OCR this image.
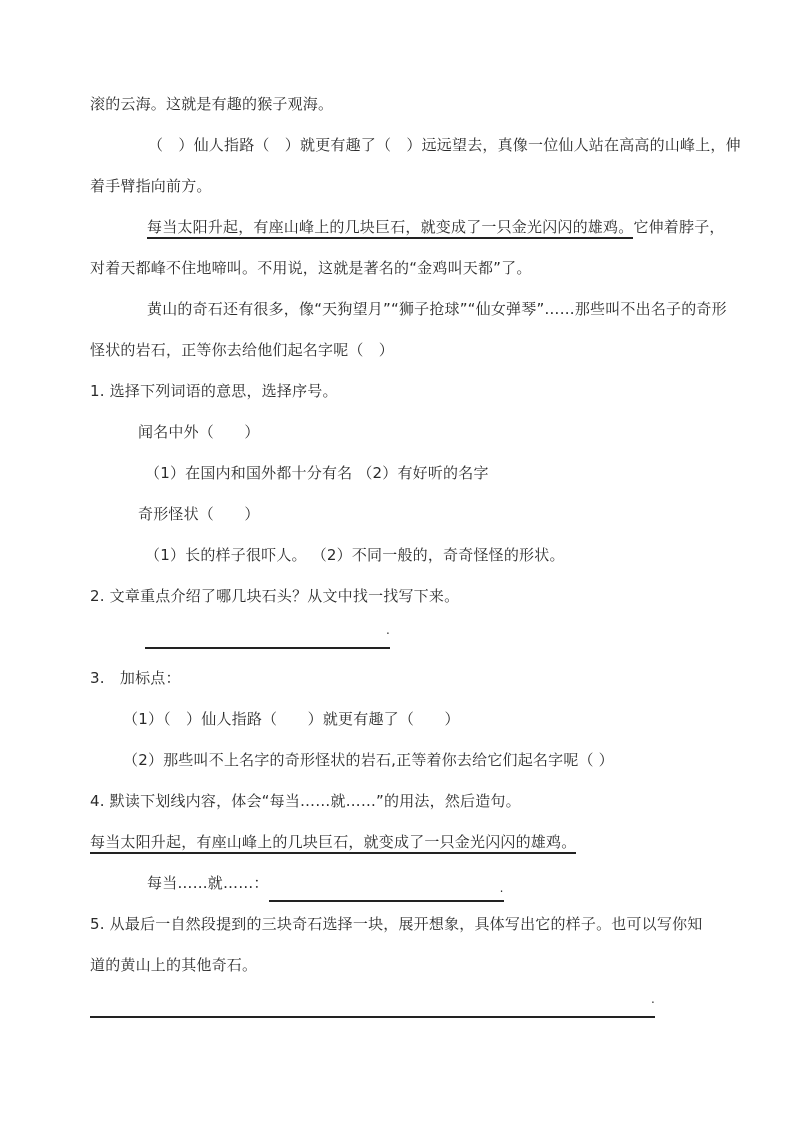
滚的云海。这就是有趣的猴子观海。
（　）仙人指路（　）就更有趣了（　）远远望去，真像一位仙人站在高高的山峰上，伸
着手臂指向前方。
每当太阳升起，有座山峰上的几块巨石，就变成了一只金光闪闪的雄鸡。它伸着脖子，
对着天都峰不住地啼叫。不用说，这就是著名的“金鸡叫天都”了。
黄山的奇石还有很多，像“天狗望月”“狮子抢球”“仙女弹琴”……那些叫不出名子的奇形
怪状的岩石，正等你去给他们起名字呢（　）
1. 选择下列词语的意思，选择序号。
闻名中外（　　）
（1）在国内和国外都十分有名 （2）有好听的名字
奇形怪状（　　）
（1）长的样子很吓人。 （2）不同一般的，奇奇怪怪的形状。
2. 文章重点介绍了哪几块石头？从文中找一找写下来。
.
3.　加标点：
（1）（　）仙人指路（　　）就更有趣了（　　）
（2）那些叫不上名字的奇形怪状的岩石,正等着你去给它们起名字呢（ ）
4. 默读下划线内容，体会“每当……就……”的用法，然后造句。
每当太阳升起，有座山峰上的几块巨石，就变成了一只金光闪闪的雄鸡。
每当……就……：	.
5. 从最后一自然段提到的三块奇石选择一块，展开想象，具体写出它的样子。也可以写你知
道的黄山上的其他奇石。
.
